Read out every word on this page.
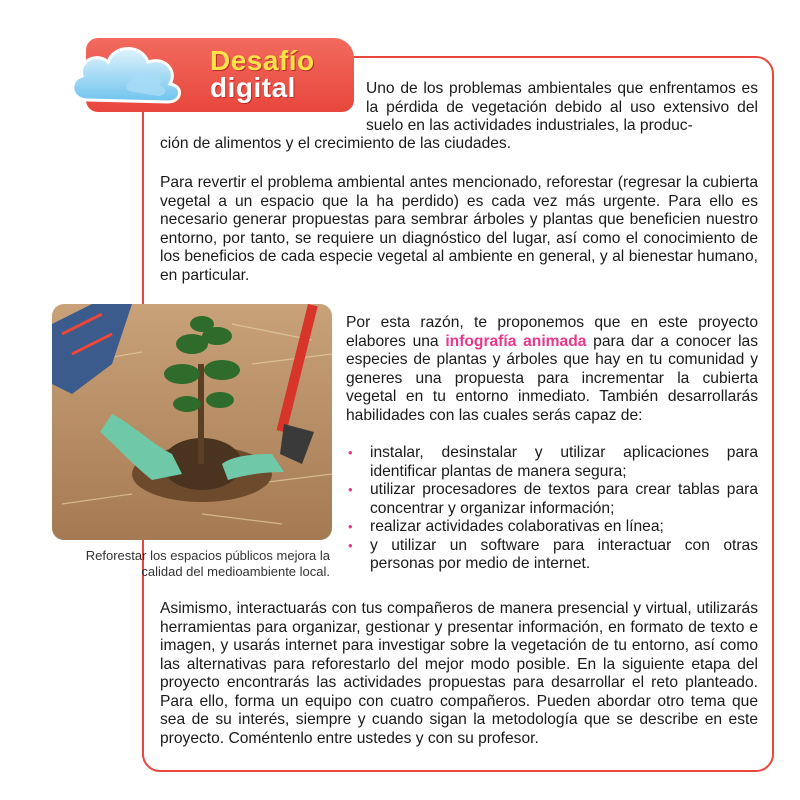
Desafío
digital	Uno de los problemas ambientales que enfrentamos es la pérdida de vegetación debido al uso extensivo del suelo en las actividades industriales, la produc-

ción de alimentos y el crecimiento de las ciudades.

Para revertir el problema ambiental antes mencionado, reforestar (regresar la cubierta vegetal a un espacio que la ha perdido) es cada vez más urgente. Para ello es necesario generar propuestas para sembrar árboles y plantas que beneficien nuestro entorno, por tanto, se requiere un diagnóstico del lugar, así como el conocimiento de los beneficios de cada especie vegetal al ambiente en general, y al bienestar humano, en particular.

Reforestar los espacios públicos mejora la calidad del medioambiente local.

Por esta razón, te proponemos que en este proyecto elabores una infografía animada para dar a conocer las especies de plantas y árboles que hay en tu comunidad y generes una propuesta para incrementar la cubierta vegetal en tu entorno inmediato. También desarrollarás habilidades con las cuales serás capaz de:

• instalar, desinstalar y utilizar aplicaciones para identificar plantas de manera segura;
• utilizar procesadores de textos para crear tablas para concentrar y organizar información;
• realizar actividades colaborativas en línea;
• y utilizar un software para interactuar con otras personas por medio de internet.

Asimismo, interactuarás con tus compañeros de manera presencial y virtual, utilizarás herramientas para organizar, gestionar y presentar información, en formato de texto e imagen, y usarás internet para investigar sobre la vegetación de tu entorno, así como las alternativas para reforestarlo del mejor modo posible. En la siguiente etapa del proyecto encontrarás las actividades propuestas para desarrollar el reto planteado. Para ello, forma un equipo con cuatro compañeros. Pueden abordar otro tema que sea de su interés, siempre y cuando sigan la metodología que se describe en este proyecto. Coméntenlo entre ustedes y con su profesor.
